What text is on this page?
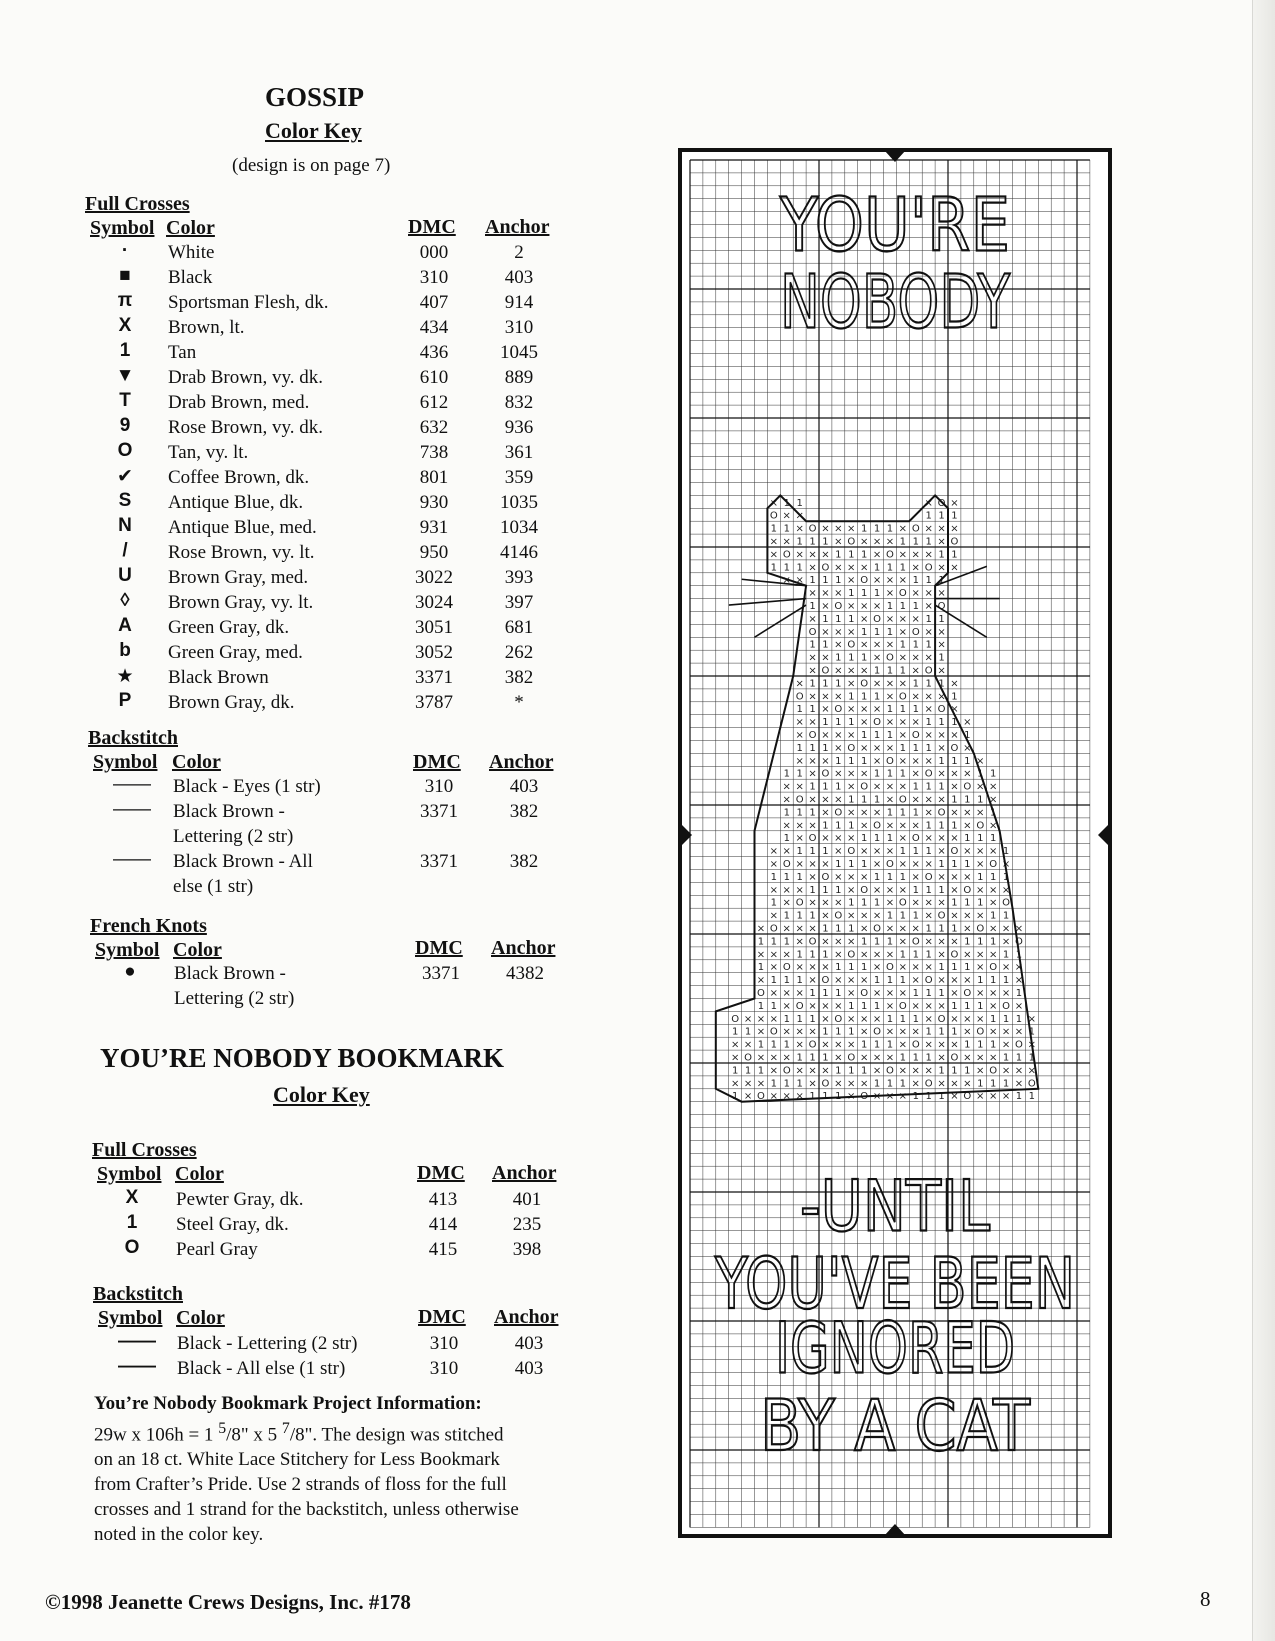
GOSSIP
Color Key
(design is on page 7)
Full Crosses
Symbol Color	DMC Anchor
·	White	000	2
■	Black	310	403
π	Sportsman Flesh, dk.	407	914
X	Brown, lt.	434	310
1	Tan	436	1045
▼ Drab Brown, vy. dk.	610	889
T	Drab Brown, med.	612	832
9	Rose Brown, vy. dk.	632	936
O	Tan, vy. lt.	738	361
✔	Coffee Brown, dk.	801	359
S	Antique Blue, dk.	930	1035
N	Antique Blue, med.	931	1034
/	Rose Brown, vy. lt.	950	4146
U	Brown Gray, med.	3022	393
◊	Brown Gray, vy. lt.	3024	397
A	Green Gray, dk.	3051	681
b	Green Gray, med.	3052	262
★	Black Brown	3371	382
P	Brown Gray, dk.	3787	*
Backstitch
Symbol Color	DMC Anchor
—— Black - Eyes (1 str)	310	403
—— Black Brown -
Lettering (2 str)
3371	382
—— Black Brown - All
else (1 str)
3371	382
French Knots
Symbol Color	DMC Anchor
●	Black Brown -
Lettering (2 str)
3371	4382
YOU’RE NOBODY BOOKMARK
Color Key
Full Crosses
Symbol Color	DMC Anchor
X	Pewter Gray, dk.	413	401
1	Steel Gray, dk.	414	235
O	Pearl Gray	415	398
Backstitch
Symbol Color	DMC Anchor
—— Black - Lettering (2 str)	310	403
—— Black - All else (1 str)	310	403
You’re Nobody Bookmark Project Information:
29w x 106h = 1 $^5$/8" x 5 $^7$/8". The design was stitched
on an 18 ct. White Lace Stitchery for Less Bookmark
from Crafter’s Pride. Use 2 strands of floss for the full
crosses and 1 strand for the backstitch, unless otherwise
noted in the color key.
©1998 Jeanette Crews Designs, Inc. #178	8
× 1 1	× O ×
O × ×	1 1 1
1 1 × O × × × 1 1 1 × O × × ×
× × 1 1 1 × O × × × 1 1 1 × O
× O × × × 1 1 1 × O × × × 1 1
1 1 1 × O × × × 1 1 1 × O × ×
× × 1 1 1 × O × × × 1 1 1
× × × 1 1 1 × O × × ×
1 × O × × × 1 1 1 × O
× 1 1 1 × O × × × 1 1
O × × × 1 1 1 × O × ×
1 1 × O × × × 1 1 1 ×
× × 1 1 1 × O × × × 1
× O × × × 1 1 1 × O ×
× 1 1 1 × O × × × 1 1 1 ×
O × × × 1 1 1 × O × × × 1
1 1 × O × × × 1 1 1 × O ×
× × 1 1 1 × O × × × 1 1 1 ×
× O × × × 1 1 1 × O × × × 1
1 1 1 × O × × × 1 1 1 × O ×
× × × 1 1 1 × O × × × 1 1 1 ×
1 1 × O × × × 1 1 1 × O × × × 1 1
× × 1 1 1 × O × × × 1 1 1 × O × ×
× O × × × 1 1 1 × O × × × 1 1 1 ×
1 1 1 × O × × × 1 1 1 × O × × × 1
× × × 1 1 1 × O × × × 1 1 1 × O ×
1 × O × × × 1 1 1 × O × × × 1 1 1
× × 1 1 1 × O × × × 1 1 1 × O × × × 1
× O × × × 1 1 1 × O × × × 1 1 1 × O ×
1 1 1 × O × × × 1 1 1 × O × × × 1 1 1
× × × 1 1 1 × O × × × 1 1 1 × O × × ×
1 × O × × × 1 1 1 × O × × × 1 1 1 × O
× 1 1 1 × O × × × 1 1 1 × O × × × 1 1
× O × × × 1 1 1 × O × × × 1 1 1 × O × × ×
1 1 1 × O × × × 1 1 1 × O × × × 1 1 1 × O
× × × 1 1 1 × O × × × 1 1 1 × O × × × 1 1
1 × O × × × 1 1 1 × O × × × 1 1 1 × O × ×
× 1 1 1 × O × × × 1 1 1 × O × × × 1 1 1 ×
O × × × 1 1 1 × O × × × 1 1 1 × O × × × 1
1 1 × O × × × 1 1 1 × O × × × 1 1 1 × O ×
O × × × 1 1 1 × O × × × 1 1 1 × O × × × 1 1 1 ×
1 1 × O × × × 1 1 1 × O × × × 1 1 1 × O × × × 1
× × 1 1 1 × O × × × 1 1 1 × O × × × 1 1 1 × O ×
× O × × × 1 1 1 × O × × × 1 1 1 × O × × × 1 1 1
1 1 1 × O × × × 1 1 1 × O × × × 1 1 1 × O × × ×
× × × 1 1 1 × O × × × 1 1 1 × O × × × 1 1 1 × O
1 × O × × × 1 1 1 × O × × × 1 1 1 × O × × × 1 1
YOU'RE
NOBODY
-UNTIL
YOU'VE BEEN
IGNORED
BY A CAT
